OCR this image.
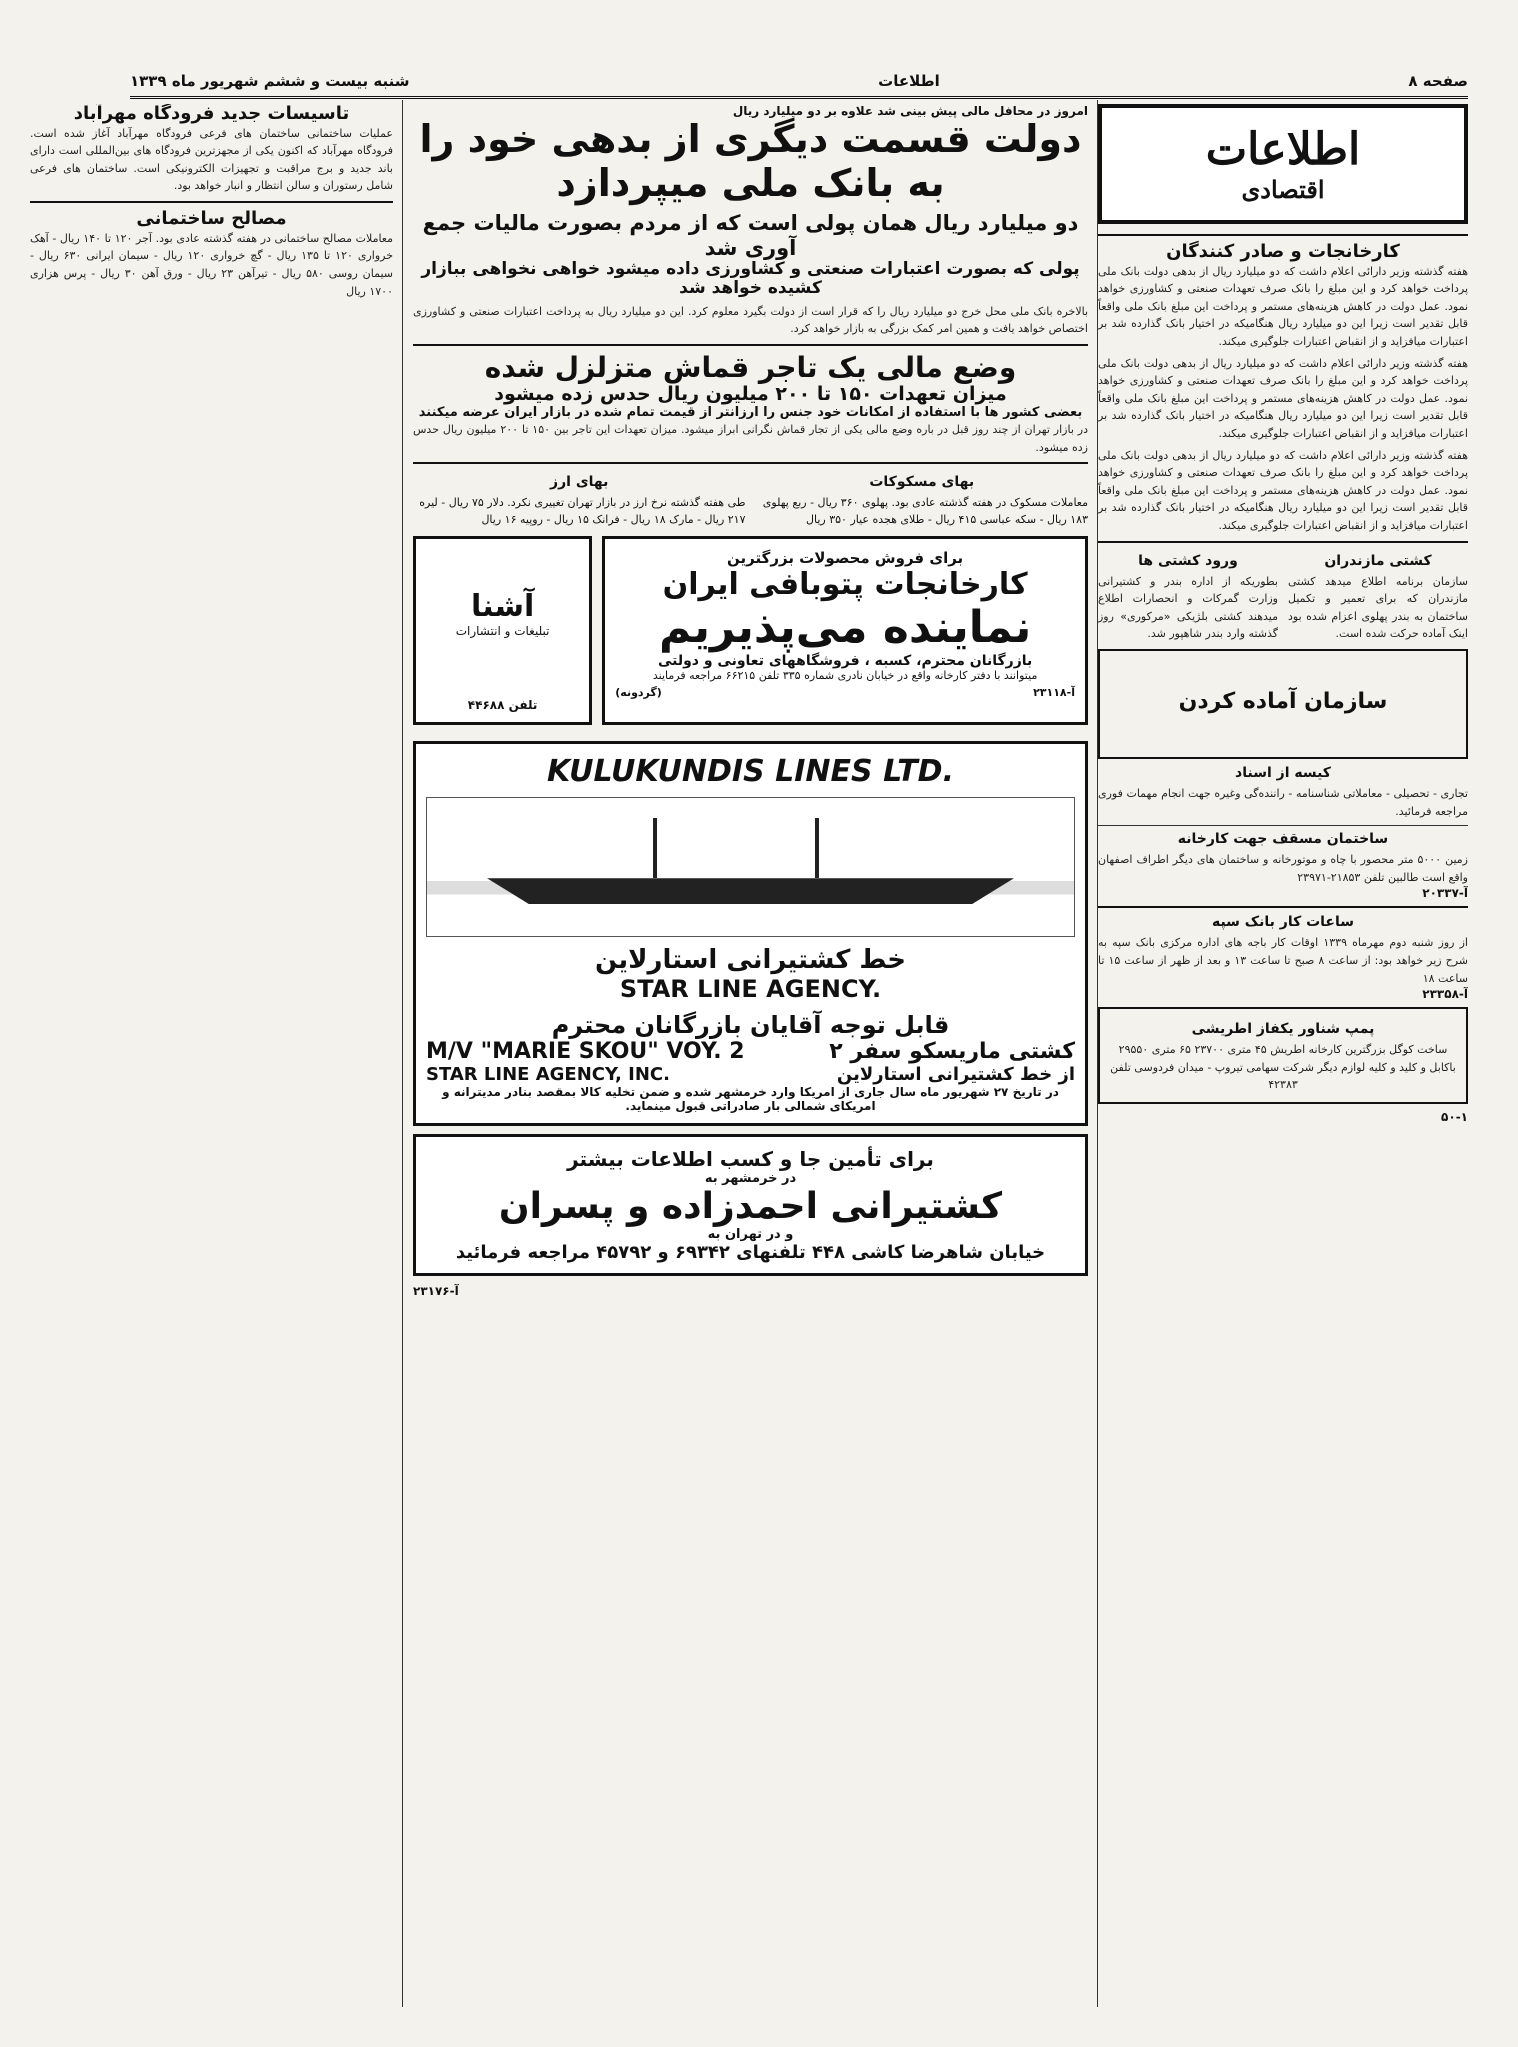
صفحه ۸
اطلاعات
شنبه بیست و ششم شهریور ماه ۱۳۳۹
اطلاعات
اقتصادی
کارخانجات و صادر کنندگان

هفته گذشته وزیر دارائی اعلام داشت که دو میلیارد ریال از بدهی دولت بانک ملی پرداخت خواهد کرد و این مبلغ را بانک صرف تعهدات صنعتی و کشاورزی خواهد نمود. عمل دولت در کاهش هزینه‌های مستمر و پرداخت این مبلغ بانک ملی واقعاً قابل تقدیر است زیرا این دو میلیارد ریال هنگامیکه در اختیار بانک گذارده شد بر اعتبارات میافزاید و از انقباض اعتبارات جلوگیری میکند.

هفته گذشته وزیر دارائی اعلام داشت که دو میلیارد ریال از بدهی دولت بانک ملی پرداخت خواهد کرد و این مبلغ را بانک صرف تعهدات صنعتی و کشاورزی خواهد نمود. عمل دولت در کاهش هزینه‌های مستمر و پرداخت این مبلغ بانک ملی واقعاً قابل تقدیر است زیرا این دو میلیارد ریال هنگامیکه در اختیار بانک گذارده شد بر اعتبارات میافزاید و از انقباض اعتبارات جلوگیری میکند.

هفته گذشته وزیر دارائی اعلام داشت که دو میلیارد ریال از بدهی دولت بانک ملی پرداخت خواهد کرد و این مبلغ را بانک صرف تعهدات صنعتی و کشاورزی خواهد نمود. عمل دولت در کاهش هزینه‌های مستمر و پرداخت این مبلغ بانک ملی واقعاً قابل تقدیر است زیرا این دو میلیارد ریال هنگامیکه در اختیار بانک گذارده شد بر اعتبارات میافزاید و از انقباض اعتبارات جلوگیری میکند.

کشتی مازندران

سازمان برنامه اطلاع میدهد کشتی مازندران که برای تعمیر و تکمیل ساختمان به بندر پهلوی اعزام شده بود اینک آماده حرکت شده است.

ورود کشتی ها

بطوریکه از اداره بندر و کشتیرانی وزارت گمرکات و انحصارات اطلاع میدهند کشتی بلژیکی «مرکوری» روز گذشته وارد بندر شاهپور شد.

سازمان آماده کردن
کیسه از اسناد

تجاری - تحصیلی - معاملاتی شناسنامه - راننده‌گی وغیره جهت انجام مهمات فوری مراجعه فرمائید.

ساختمان مسقف جهت کارخانه

زمین ۵۰۰۰ متر محصور با چاه و موتورخانه و ساختمان های دیگر اطراف اصفهان واقع است طالبین تلفن ۲۱۸۵۳-۲۳۹۷۱

آ-۲۰۳۳۷
ساعات کار بانک سپه

از روز شنبه دوم مهرماه ۱۳۳۹ اوقات کار باجه های اداره مرکزی بانک سپه به شرح زیر خواهد بود: از ساعت ۸ صبح تا ساعت ۱۳ و بعد از ظهر از ساعت ۱۵ تا ساعت ۱۸

آ-۲۳۳۵۸
پمپ شناور یکفاز اطریشی

ساخت کوگل بزرگترین کارخانه اطریش ۴۵ متری ۲۳۷۰۰ ۶۵ متری ۲۹۵۵۰ باکابل و کلید و کلیه لوازم دیگر شرکت سهامی تیروپ - میدان فردوسی تلفن ۴۲۳۸۳

۵۰-۱
امروز در محافل مالی پیش بینی شد علاوه بر دو میلیارد ریال
دولت قسمت دیگری از بدهی خود را به بانک ملی میپردازد
دو میلیارد ریال همان پولی است که از مردم بصورت مالیات جمع آوری شد
پولی که بصورت اعتبارات صنعتی و کشاورزی داده میشود خواهی نخواهی ببازار کشیده خواهد شد

بالاخره بانک ملی محل خرج دو میلیارد ریال را که قرار است از دولت بگیرد معلوم کرد. این دو میلیارد ریال به پرداخت اعتبارات صنعتی و کشاورزی اختصاص خواهد یافت و همین امر کمک بزرگی به بازار خواهد کرد.

وضع مالی یک تاجر قماش متزلزل شده
میزان تعهدات ۱۵۰ تا ۲۰۰ میلیون ریال حدس زده میشود
بعضی کشور ها با استفاده از امکانات خود جنس را ارزانتر از قیمت تمام شده در بازار ایران عرضه میکنند

در بازار تهران از چند روز قبل در باره وضع مالی یکی از تجار قماش نگرانی ابراز میشود. میزان تعهدات این تاجر بین ۱۵۰ تا ۲۰۰ میلیون ریال حدس زده میشود.

بهای مسکوکات

معاملات مسکوک در هفته گذشته عادی بود. پهلوی ۳۶۰ ریال - ربع پهلوی ۱۸۳ ریال - سکه عباسی ۴۱۵ ریال - طلای هجده عیار ۳۵۰ ریال

بهای ارز

طی هفته گذشته نرخ ارز در بازار تهران تغییری نکرد. دلار ۷۵ ریال - لیره ۲۱۷ ریال - مارک ۱۸ ریال - فرانک ۱۵ ریال - روپیه ۱۶ ریال

برای فروش محصولات بزرگترین
کارخانجات پتوبافی ایران
نماینده می‌پذیریم
بازرگانان محترم، کسبه ، فروشگاههای تعاونی و دولتی
میتوانند با دفتر کارخانه واقع در خیابان نادری شماره ۳۳۵ تلفن ۶۶۲۱۵ مراجعه فرمایند
آ-۲۳۱۱۸
(گردونه)
آشنا
تبلیغات و انتشارات
تلفن ۴۴۶۸۸
KULUKUNDIS LINES LTD.
خط کشتیرانی استارلاین
STAR LINE AGENCY.
قابل توجه آقایان بازرگانان محترم
کشتی ماریسکو سفر ۲
M/V "MARIE SKOU" VOY. 2
از خط کشتیرانی استارلاین
STAR LINE AGENCY, INC.
در تاریخ ۲۷ شهریور ماه سال جاری از امریکا وارد خرمشهر شده و ضمن تخلیه کالا بمقصد بنادر مدیترانه و امریکای شمالی بار صادراتی قبول مینماید.
برای تأمین جا و کسب اطلاعات بیشتر
در خرمشهر به
کشتیرانی احمدزاده و پسران
و در تهران به
خیابان شاهرضا کاشی ۴۴۸ تلفنهای ۶۹۳۴۲ و ۴۵۷۹۲ مراجعه فرمائید
آ-۲۳۱۷۶
تاسیسات جدید فرودگاه مهرآباد

عملیات ساختمانی ساختمان های فرعی فرودگاه مهرآباد آغاز شده است. فرودگاه مهرآباد که اکنون یکی از مجهزترین فرودگاه های بین‌المللی است دارای باند جدید و برج مراقبت و تجهیزات الکترونیکی است. ساختمان های فرعی شامل رستوران و سالن انتظار و انبار خواهد بود.

مصالح ساختمانی

معاملات مصالح ساختمانی در هفته گذشته عادی بود. آجر ۱۲۰ تا ۱۴۰ ریال - آهک خرواری ۱۲۰ تا ۱۳۵ ریال - گچ خرواری ۱۲۰ ریال - سیمان ایرانی ۶۳۰ ریال - سیمان روسی ۵۸۰ ریال - تیرآهن ۲۳ ریال - ورق آهن ۳۰ ریال - پرس هزاری ۱۷۰۰ ریال
